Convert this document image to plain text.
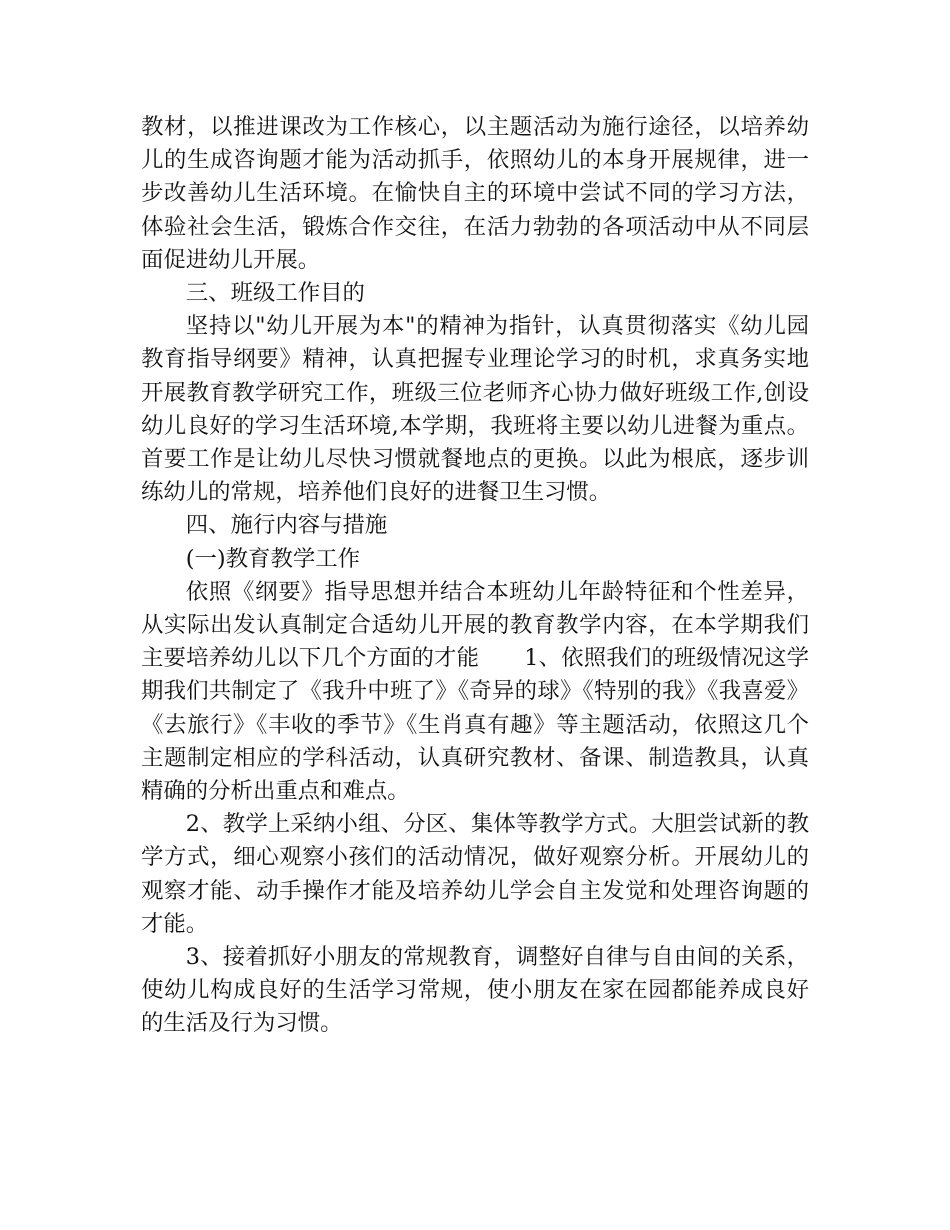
教材，以推进课改为工作核心，以主题活动为施行途径，以培养幼儿的生成咨询题才能为活动抓手，依照幼儿的本身开展规律，进一步改善幼儿生活环境。在愉快自主的环境中尝试不同的学习方法，体验社会生活，锻炼合作交往，在活力勃勃的各项活动中从不同层面促进幼儿开展。

三、班级工作目的

坚持以"幼儿开展为本"的精神为指针，认真贯彻落实《幼儿园教育指导纲要》精神，认真把握专业理论学习的时机，求真务实地开展教育教学研究工作，班级三位老师齐心协力做好班级工作,创设幼儿良好的学习生活环境,本学期，我班将主要以幼儿进餐为重点。首要工作是让幼儿尽快习惯就餐地点的更换。以此为根底，逐步训练幼儿的常规，培养他们良好的进餐卫生习惯。

四、施行内容与措施

(一)教育教学工作

依照《纲要》指导思想并结合本班幼儿年龄特征和个性差异，从实际出发认真制定合适幼儿开展的教育教学内容，在本学期我们主要培养幼儿以下几个方面的才能　　1、依照我们的班级情况这学期我们共制定了《我升中班了》《奇异的球》《特别的我》《我喜爱》《去旅行》《丰收的季节》《生肖真有趣》等主题活动，依照这几个主题制定相应的学科活动，认真研究教材、备课、制造教具，认真精确的分析出重点和难点。

2、教学上采纳小组、分区、集体等教学方式。大胆尝试新的教学方式，细心观察小孩们的活动情况，做好观察分析。开展幼儿的观察才能、动手操作才能及培养幼儿学会自主发觉和处理咨询题的才能。

3、接着抓好小朋友的常规教育，调整好自律与自由间的关系，使幼儿构成良好的生活学习常规，使小朋友在家在园都能养成良好的生活及行为习惯。
